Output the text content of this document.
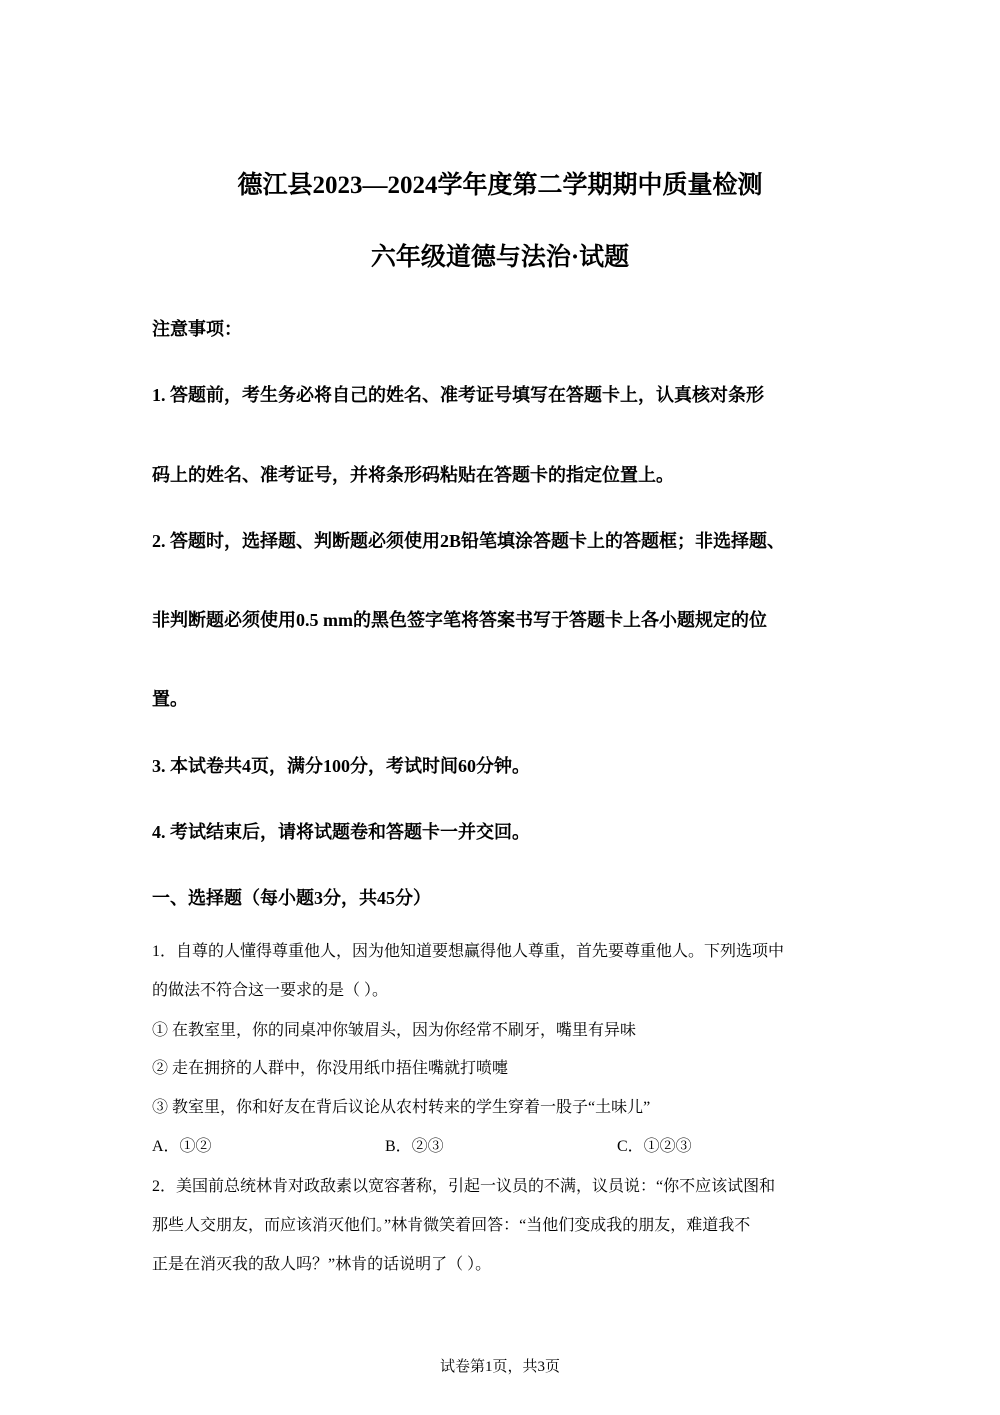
德江县2023—2024学年度第二学期期中质量检测
六年级道德与法治·试题
注意事项：
1. 答题前，考生务必将自己的姓名、准考证号填写在答题卡上，认真核对条形
码上的姓名、准考证号，并将条形码粘贴在答题卡的指定位置上。
2. 答题时，选择题、判断题必须使用2B铅笔填涂答题卡上的答题框；非选择题、
非判断题必须使用0.5 mm的黑色签字笔将答案书写于答题卡上各小题规定的位
置。
3. 本试卷共4页，满分100分，考试时间60分钟。
4. 考试结束后，请将试题卷和答题卡一并交回。
一、选择题（每小题3分，共45分）
1．自尊的人懂得尊重他人，因为他知道要想赢得他人尊重，首先要尊重他人。下列选项中
的做法不符合这一要求的是（ ）。
① 在教室里，你的同桌冲你皱眉头，因为你经常不刷牙，嘴里有异味
② 走在拥挤的人群中，你没用纸巾捂住嘴就打喷嚏
③ 教室里，你和好友在背后议论从农村转来的学生穿着一股子“土味儿”
A．①②	B．②③	C．①②③
2．美国前总统林肯对政敌素以宽容著称，引起一议员的不满，议员说：“你不应该试图和
那些人交朋友，而应该消灭他们。”林肯微笑着回答：“当他们变成我的朋友，难道我不
正是在消灭我的敌人吗？”林肯的话说明了（ ）。
试卷第1页，共3页
